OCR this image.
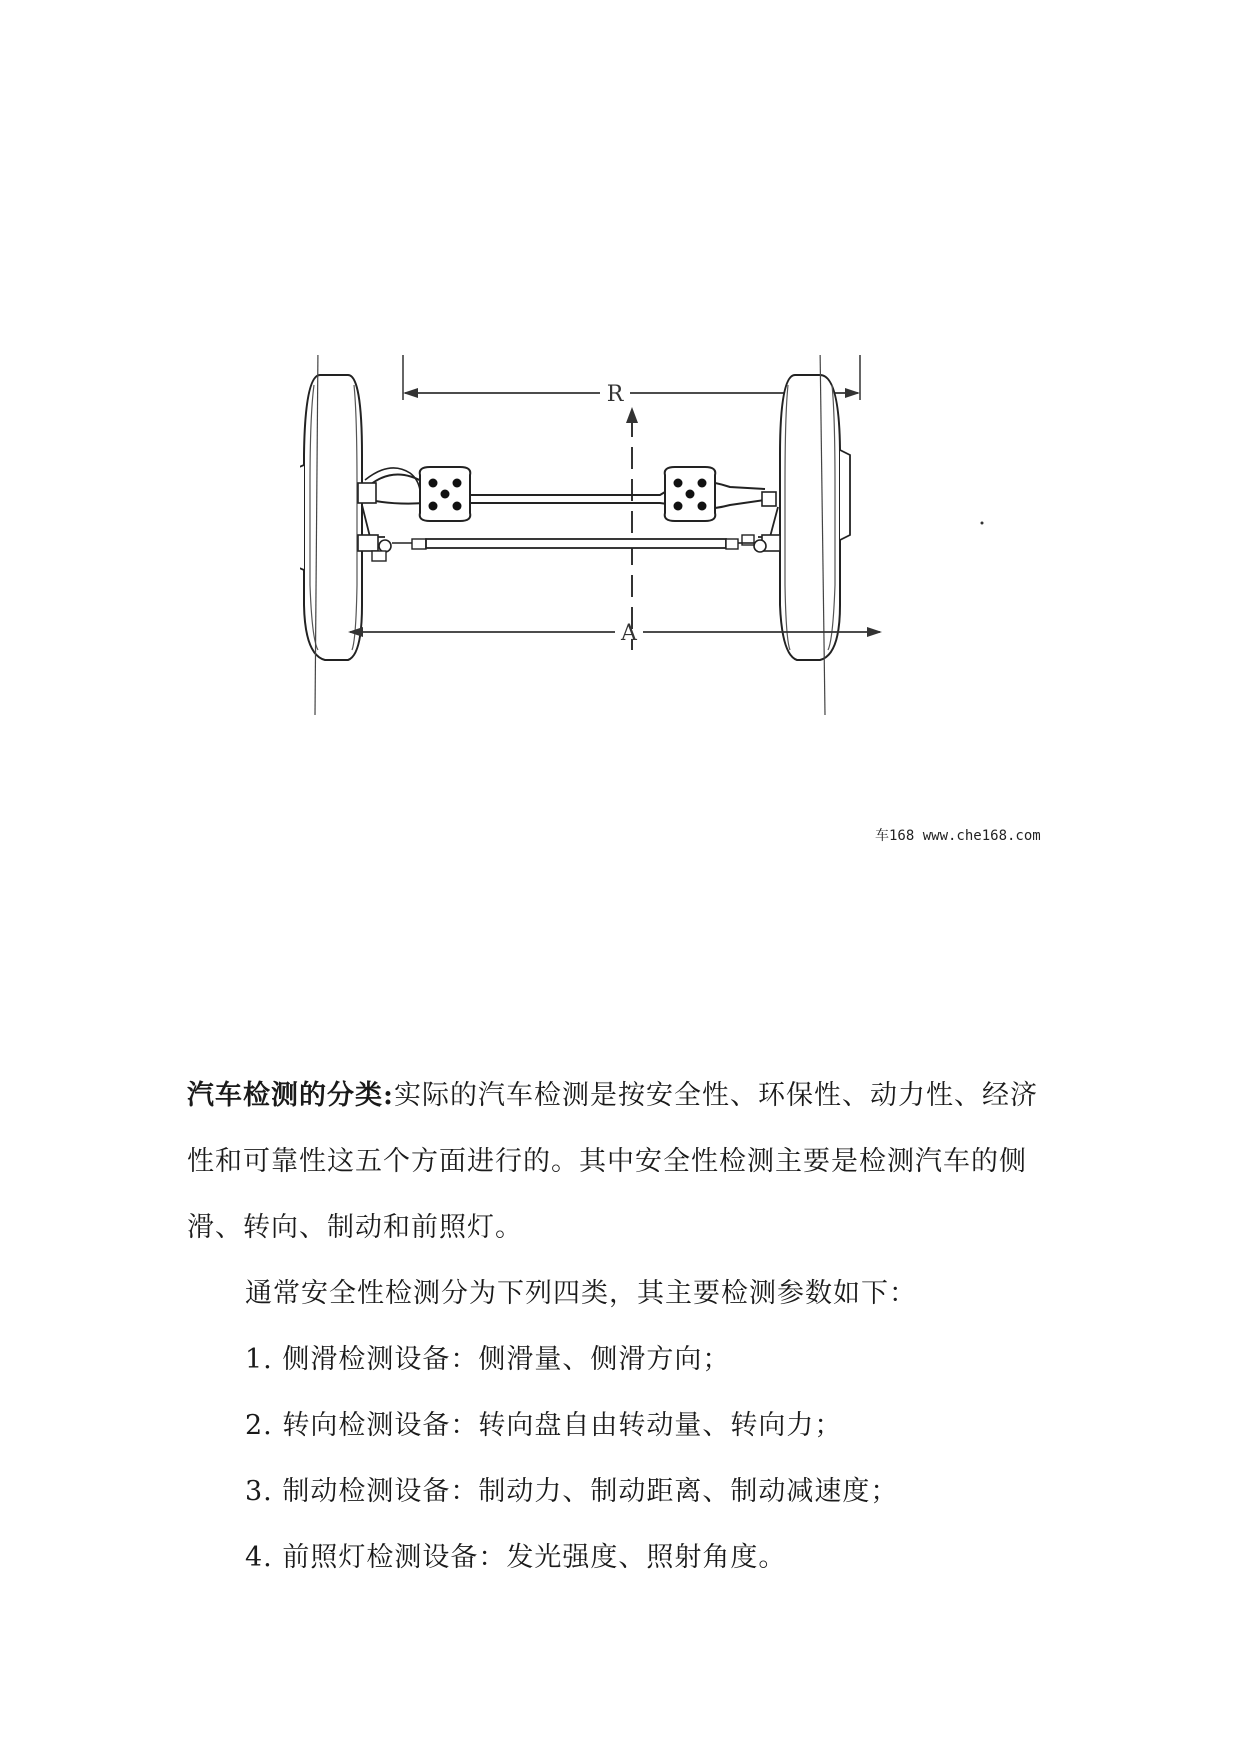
R
A
车168 www.che168.com

汽车检测的分类:实际的汽车检测是按安全性、环保性、动力性、经济性和可靠性这五个方面进行的。其中安全性检测主要是检测汽车的侧滑、转向、制动和前照灯。

通常安全性检测分为下列四类，其主要检测参数如下：

1. 侧滑检测设备：侧滑量、侧滑方向；

2. 转向检测设备：转向盘自由转动量、转向力；

3. 制动检测设备：制动力、制动距离、制动减速度；

4. 前照灯检测设备：发光强度、照射角度。
